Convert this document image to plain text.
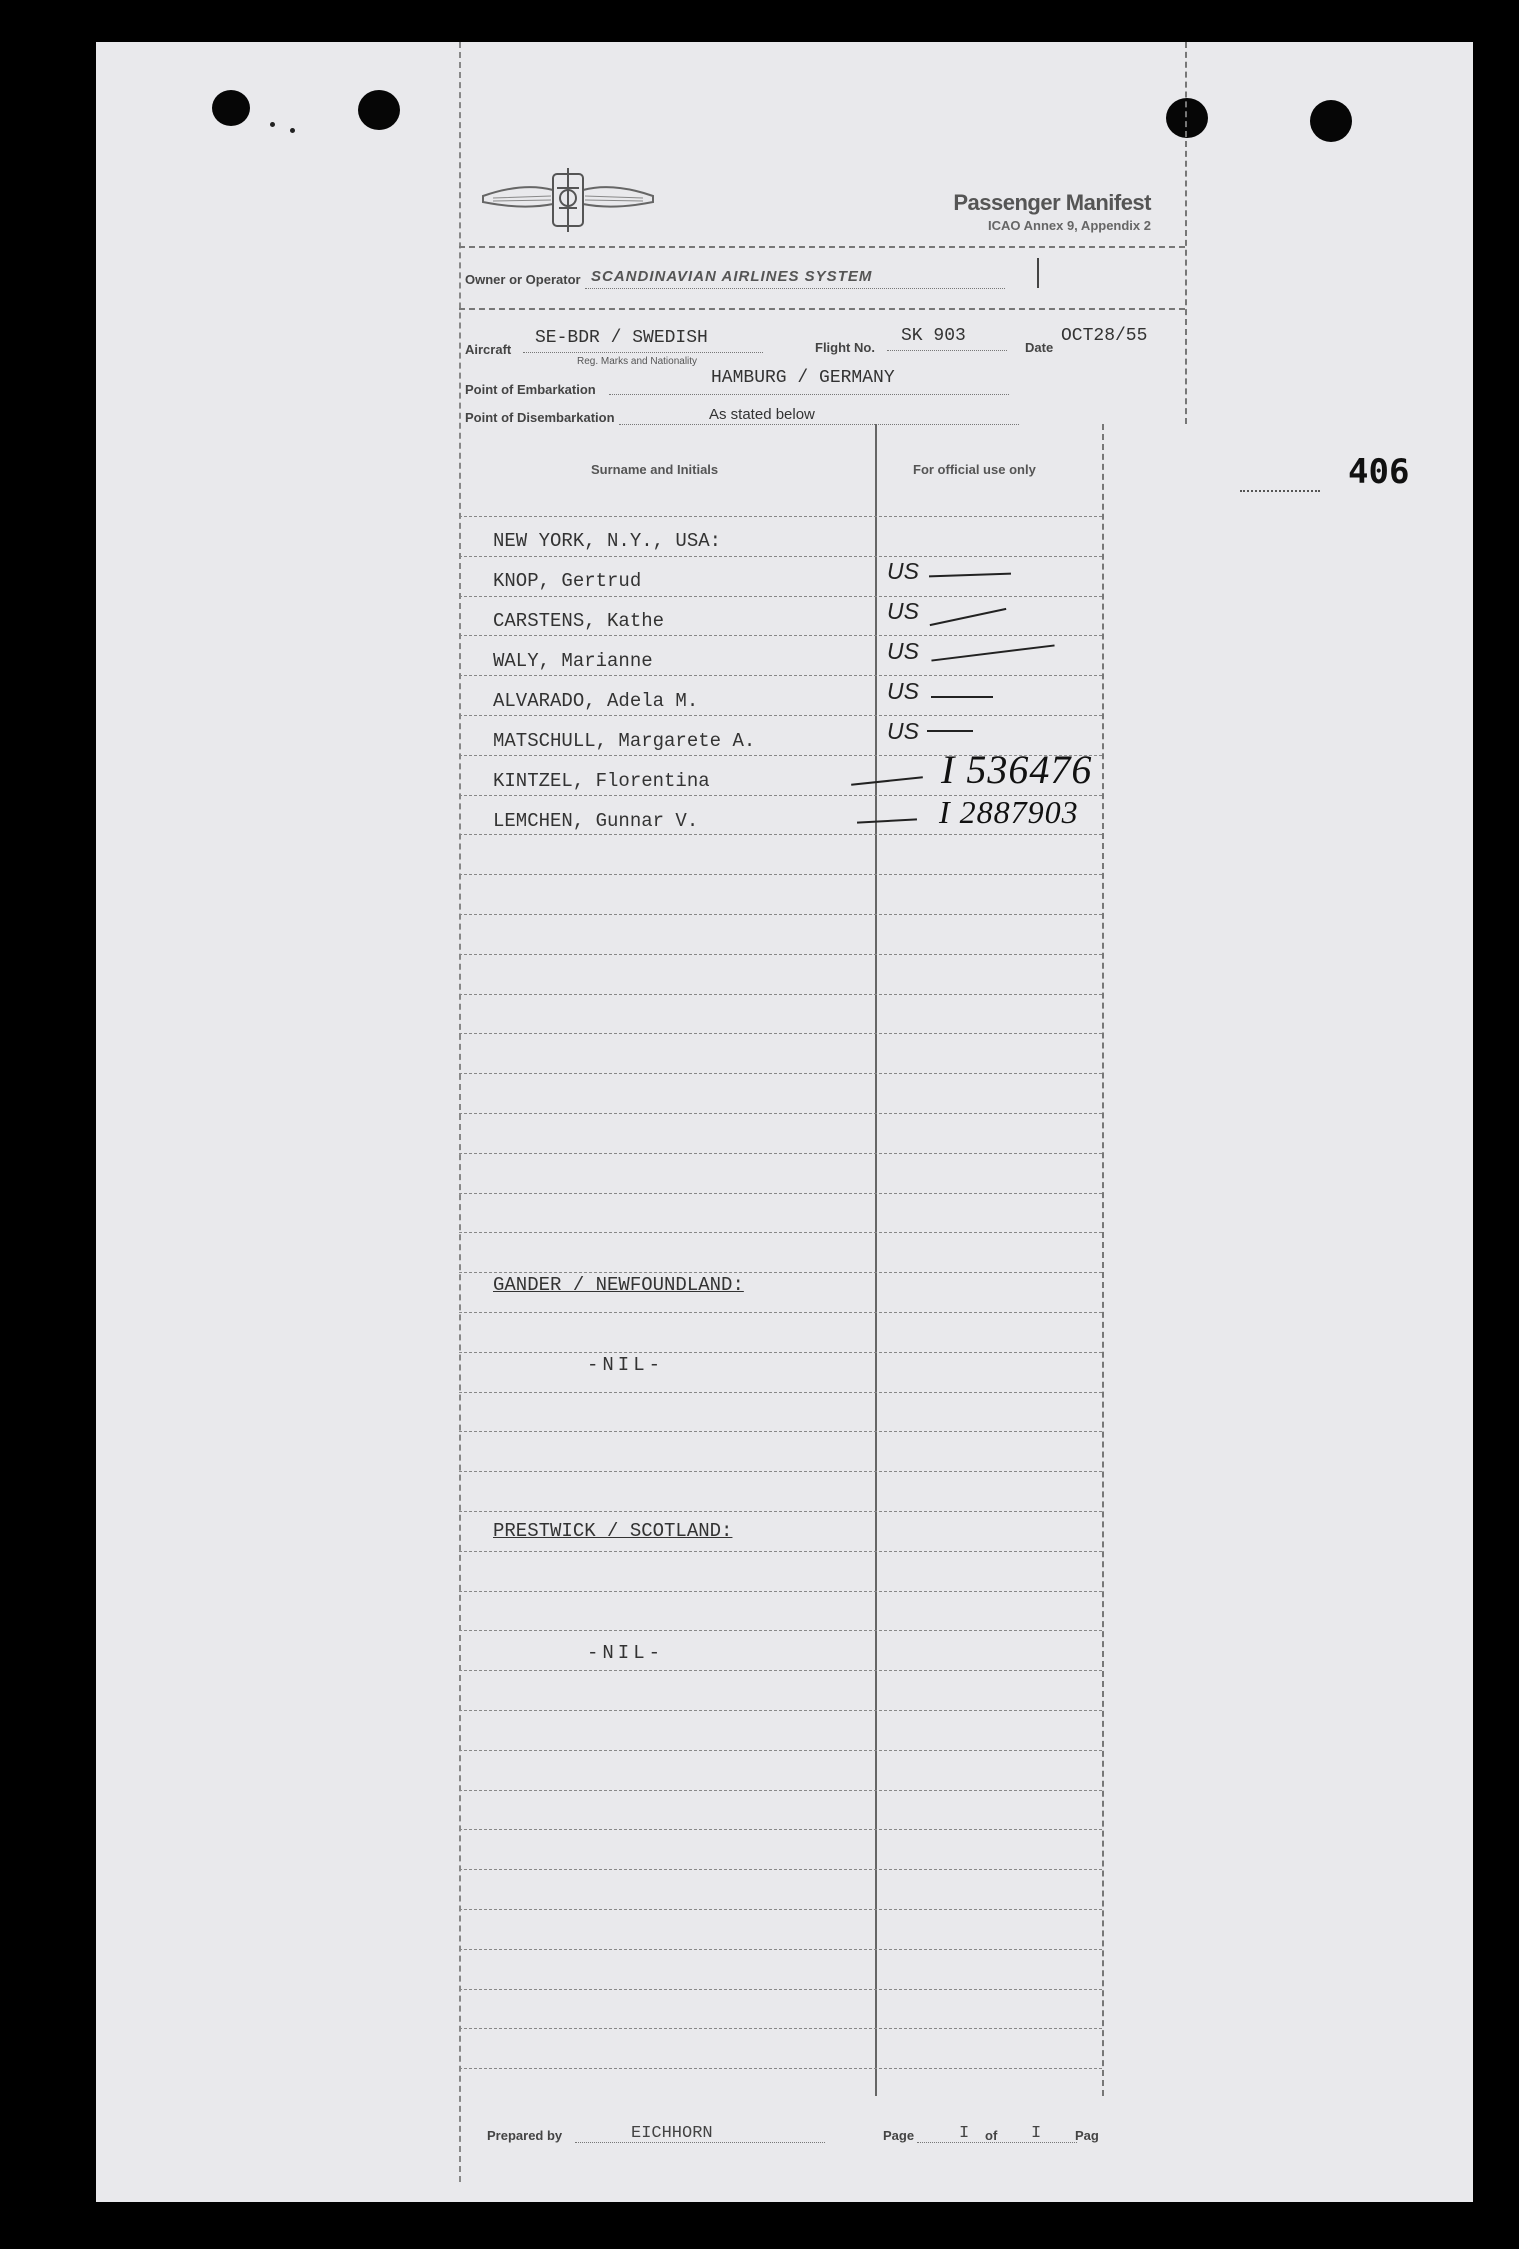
406
Passenger Manifest
ICAO Annex 9, Appendix 2
Owner or Operator SCANDINAVIAN AIRLINES SYSTEM
Aircraft
SE-BDR / SWEDISH
Reg. Marks and Nationality
Flight No.
SK 903
Date
OCT28/55
Point of Embarkation
HAMBURG / GERMANY
Point of Disembarkation	As stated below
Surname and Initials	For official use only
NEW YORK, N.Y., USA:
KNOP, Gertrud	US
CARSTENS, Kathe	US
WALY, Marianne	US
ALVARADO, Adela M.	US
MATSCHULL, Margarete A.	US
KINTZEL, Florentina	I 536476
LEMCHEN, Gunnar V.	I 2887903
GANDER / NEWFOUNDLAND:
-NIL-
PRESTWICK / SCOTLAND:
-NIL-
Prepared by	EICHHORN	Page	I of I	Pag
